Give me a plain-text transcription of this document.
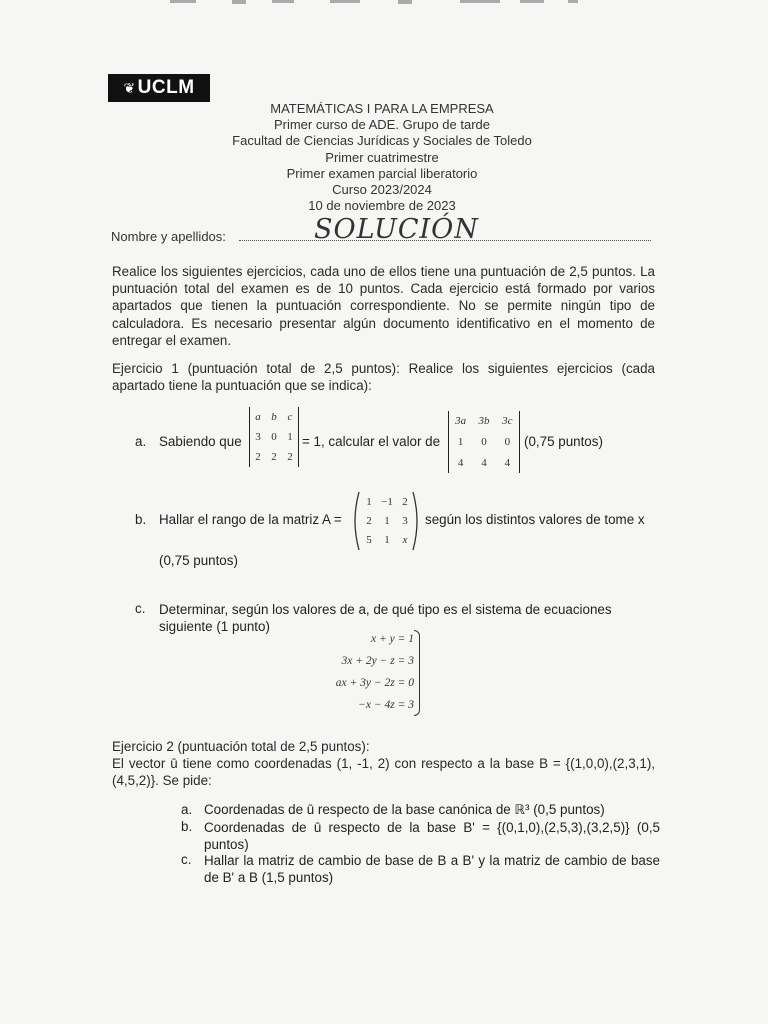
❦ UCLM
MATEMÁTICAS I PARA LA EMPRESA
Primer curso de ADE. Grupo de tarde
Facultad de Ciencias Jurídicas y Sociales de Toledo
Primer cuatrimestre
Primer examen parcial liberatorio
Curso 2023/2024
10 de noviembre de 2023
Nombre y apellidos:	SOLUCIÓN
Realice los siguientes ejercicios, cada uno de ellos tiene una puntuación de 2,5 puntos. La puntuación total del examen es de 10 puntos. Cada ejercicio está formado por varios apartados que tienen la puntuación correspondiente. No se permite ningún tipo de calculadora. Es necesario presentar algún documento identificativo en el momento de entregar el examen.
Ejercicio 1 (puntuación total de 2,5 puntos): Realice los siguientes ejercicios (cada apartado tiene la puntuación que se indica):
a. Sabiendo que
a b c
3 0 1
2 2 2
= 1, calcular el valor de
3a 3b 3c
1 0 0
4 4 4
(0,75 puntos)
b. Hallar el rango de la matriz A =
1 −1 2
2 1 3
5 1 x
según los distintos valores de tome x
(0,75 puntos)
c. Determinar, según los valores de a, de qué tipo es el sistema de ecuaciones siguiente (1 punto)
x + y = 1
3x + 2y − z = 3
ax + 3y − 2z = 0
−x − 4z = 3
Ejercicio 2 (puntuación total de 2,5 puntos):
El vector ū tiene como coordenadas (1, -1, 2) con respecto a la base B = {(1,0,0),(2,3,1),(4,5,2)}. Se pide:
a. Coordenadas de ū respecto de la base canónica de ℝ³ (0,5 puntos)
b. Coordenadas de ū respecto de la base B' = {(0,1,0),(2,5,3),(3,2,5)} (0,5 puntos)
c. Hallar la matriz de cambio de base de B a B' y la matriz de cambio de base de B' a B (1,5 puntos)
